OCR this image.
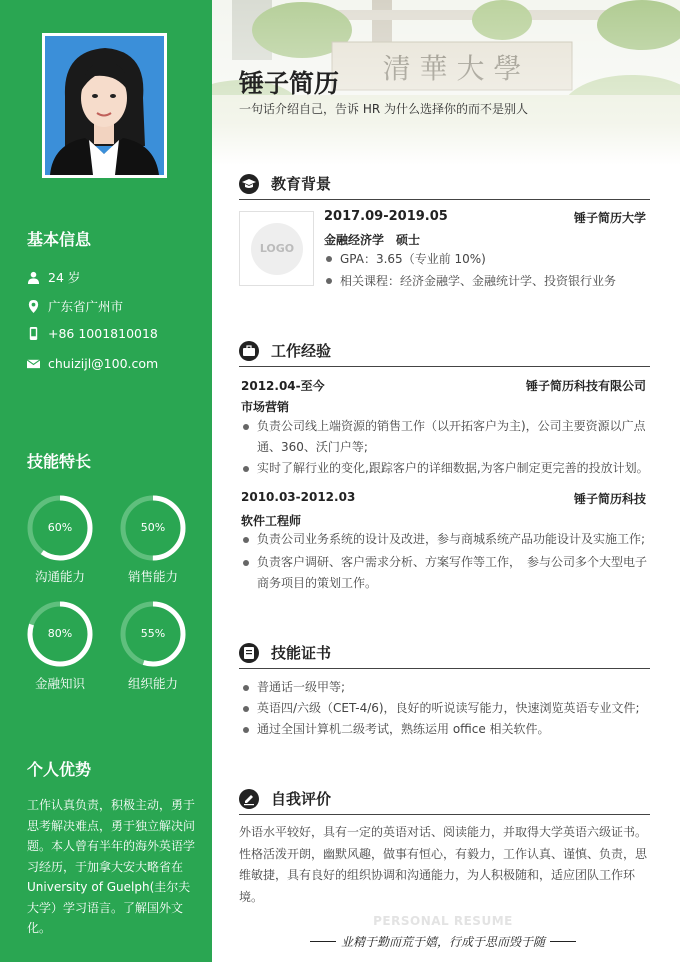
基本信息
24 岁
广东省广州市
+86 1001810018
chuizijl@100.com
技能特长
60%
沟通能力
50%
销售能力
80%
金融知识
55%
组织能力
个人优势
工作认真负责，积极主动，勇于思考解决难点，勇于独立解决问题。本人曾有半年的海外英语学习经历，于加拿大安大略省在University of Guelph(圭尔夫大学）学习语言。了解国外文化。
锤子简历
一句话介绍自己，告诉 HR 为什么选择你的而不是别人
教育背景
LOGO
2017.09-2019.05	锤子简历大学
金融经济学　硕士
GPA：3.65（专业前 10%)
相关课程：经济金融学、金融统计学、投资银行业务
工作经验
2012.04-至今	锤子简历科技有限公司
市场营销
负责公司线上端资源的销售工作（以开拓客户为主)，公司主要资源以广点通、360、沃门户等;
实时了解行业的变化,跟踪客户的详细数据,为客户制定更完善的投放计划。
2010.03-2012.03	锤子简历科技
软件工程师
负责公司业务系统的设计及改进，参与商城系统产品功能设计及实施工作;
负责客户调研、客户需求分析、方案写作等工作，　参与公司多个大型电子商务项目的策划工作。
技能证书
普通话一级甲等;
英语四/六级（CET-4/6)，良好的听说读写能力，快速浏览英语专业文件;
通过全国计算机二级考试，熟练运用 office 相关软件。
自我评价
外语水平较好，具有一定的英语对话、阅读能力，并取得大学英语六级证书。性格活泼开朗，幽默风趣，做事有恒心，有毅力，工作认真、谨慎、负责，思维敏捷，具有良好的组织协调和沟通能力，为人积极随和，适应团队工作环境。
PERSONAL RESUME
业精于勤而荒于嬉，行成于思而毁于随
